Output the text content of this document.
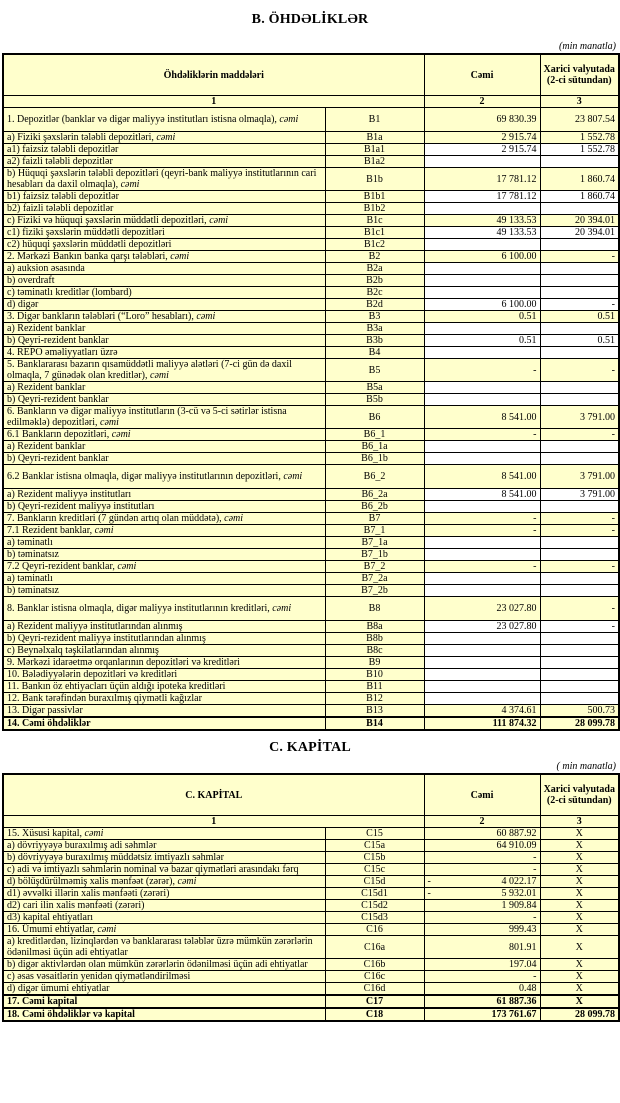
B. ÖHDƏLİKLƏR
(min manatla)
Öhdəliklərin maddələri		Cəmi	Xarici valyutada (2-ci sütundan)
1		2	3
1. Depozitlər (banklar və digər maliyyə institutları istisna olmaqla), cəmi	B1	69 830.39	23 807.54
a) Fiziki şəxslərin tələbli depozitləri, cəmi	B1a	2 915.74	1 552.78
a1) faizsiz tələbli depozitlər	B1a1	2 915.74	1 552.78
a2) faizli tələbli depozitlər	B1a2		
b) Hüquqi şəxslərin tələbli depozitləri (qeyri-bank maliyyə institutlarının cari hesabları da daxil olmaqla), cəmi	B1b	17 781.12	1 860.74
b1) faizsiz tələbli depozitlər	B1b1	17 781.12	1 860.74
b2) faizli tələbli depozitlər	B1b2		
c) Fiziki və hüquqi şəxslərin müddətli depozitləri, cəmi	B1c	49 133.53	20 394.01
c1) fiziki şəxslərin müddətli depozitləri	B1c1	49 133.53	20 394.01
c2) hüquqi şəxslərin müddətli depozitləri	B1c2		
2. Mərkəzi Bankın banka qarşı tələbləri, cəmi	B2	6 100.00	-
a) auksion əsasında	B2a		
b) overdraft	B2b		
c) təminatlı kreditlər (lombard)	B2c		
d) digər	B2d	6 100.00	-
3. Digər bankların tələbləri (“Loro” hesabları), cəmi	B3	0.51	0.51
a) Rezident banklar	B3a		
b) Qeyri-rezident banklar	B3b	0.51	0.51
4. REPO əməliyyatları üzrə	B4		
5. Banklararası bazarın qısamüddətli maliyyə alətləri (7-ci gün də daxil olmaqla, 7 günədək olan kreditlər), cəmi	B5	-	-
a) Rezident banklar	B5a		
b) Qeyri-rezident banklar	B5b		
6. Bankların və digər maliyyə institutların (3-cü və 5-ci sətirlər istisna edilməklə) depozitləri, cəmi	B6	8 541.00	3 791.00
6.1 Bankların depozitləri, cəmi	B6_1	-	-
a) Rezident banklar	B6_1a		
b) Qeyri-rezident banklar	B6_1b		
6.2 Banklar istisna olmaqla, digər maliyyə institutlarının depozitləri, cəmi	B6_2	8 541.00	3 791.00
a) Rezident maliyyə institutları	B6_2a	8 541.00	3 791.00
b) Qeyri-rezident maliyyə institutları	B6_2b		
7. Bankların kreditləri (7 gündən artıq olan müddətə), cəmi	B7	-	-
7.1 Rezident banklar, cəmi	B7_1	-	-
a) təminatlı	B7_1a		
b) təminatsız	B7_1b		
7.2 Qeyri-rezident banklar, cəmi	B7_2	-	-
a) təminatlı	B7_2a		
b) təminatsız	B7_2b		
8. Banklar istisna olmaqla, digər maliyyə institutlarının kreditləri, cəmi	B8	23 027.80	-
a) Rezident maliyyə institutlarından alınmış	B8a	23 027.80	-
b) Qeyri-rezident maliyyə institutlarından alınmış	B8b		
c) Beynəlxalq təşkilatlarından alınmış	B8c		
9. Mərkəzi idarəetmə orqanlarının depozitləri və kreditləri	B9		
10. Bələdiyyələrin depozitləri və kreditləri	B10		
11. Bankın öz ehtiyacları üçün aldığı ipoteka kreditləri	B11		
12. Bank tərəfindən buraxılmış qiymətli kağızlar	B12		
13. Digər passivlər	B13	4 374.61	500.73
14. Cəmi öhdəliklər	B14	111 874.32	28 099.78
C. KAPİTAL
( min manatla)
C. KAPİTAL		Cəmi	Xarici valyutada (2-ci sütundan)
1		2	3
15. Xüsusi kapital, cəmi	C15	60 887.92	X
a) dövriyyəyə buraxılmış adi səhmlər	C15a	64 910.09	X
b) dövriyyəyə buraxılmış müddətsiz imtiyazlı səhmlər	C15b	-	X
c) adi və imtiyazlı səhmlərin nominal və bazar qiymətləri arasındakı fərq	C15c	-	X
d) bölüşdürülməmiş xalis mənfəət (zərər), cəmi	C15d	- 4 022.17	X
d1) əvvəlki illərin xalis mənfəəti (zərəri)	C15d1	- 5 932.01	X
d2) cari ilin xalis mənfəəti (zərəri)	C15d2	1 909.84	X
d3) kapital ehtiyatları	C15d3	-	X
16. Ümumi ehtiyatlar, cəmi	C16	999.43	X
a) kreditlərdən, lizinqlərdən və banklararası tələblər üzrə mümkün zərərlərin ödənilməsi üçün adi ehtiyatlar	C16a	801.91	X
b) digər aktivlərdən olan mümkün zərərlərin ödənilməsi üçün adi ehtiyatlar	C16b	197.04	X
c) əsas vəsaitlərin yenidən qiymətləndirilməsi	C16c	-	X
d) digər ümumi ehtiyatlar	C16d	0.48	X
17. Cəmi kapital	C17	61 887.36	X
18. Cəmi öhdəliklər və kapital	C18	173 761.67	28 099.78
